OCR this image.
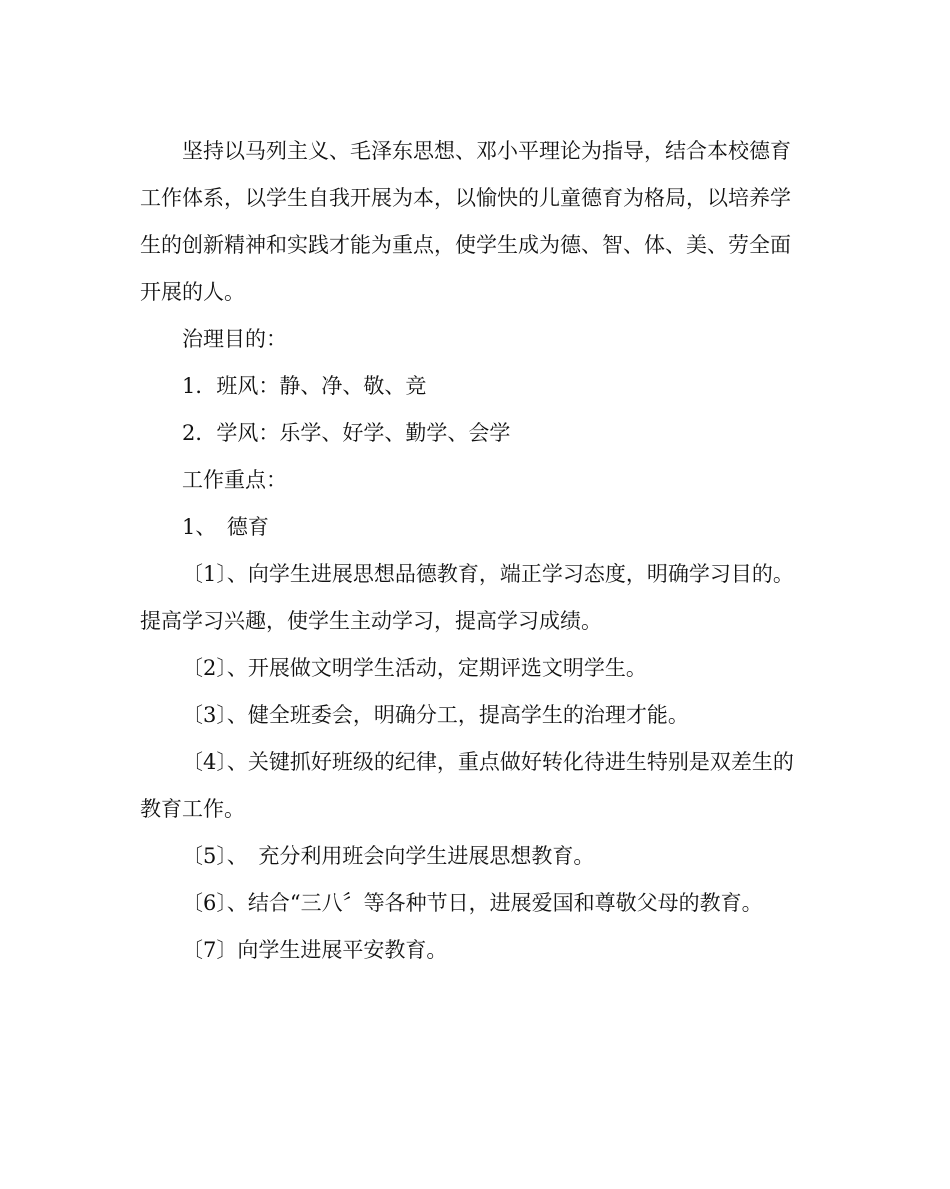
坚持以马列主义、毛泽东思想、邓小平理论为指导，结合本校德育工作体系，以学生自我开展为本，以愉快的儿童德育为格局，以培养学生的创新精神和实践才能为重点，使学生成为德、智、体、美、劳全面开展的人。

治理目的：

1．班风：静、净、敬、竞

2．学风：乐学、好学、勤学、会学

工作重点：

1、　德育

〔1〕、向学生进展思想品德教育，端正学习态度，明确学习目的。提高学习兴趣，使学生主动学习，提高学习成绩。

〔2〕、开展做文明学生活动，定期评选文明学生。

〔3〕、健全班委会，明确分工，提高学生的治理才能。

〔4〕、关键抓好班级的纪律，重点做好转化待进生特别是双差生的教育工作。

〔5〕、　充分利用班会向学生进展思想教育。

〔6〕、结合“三八〞等各种节日，进展爱国和尊敬父母的教育。

〔7〕向学生进展平安教育。
